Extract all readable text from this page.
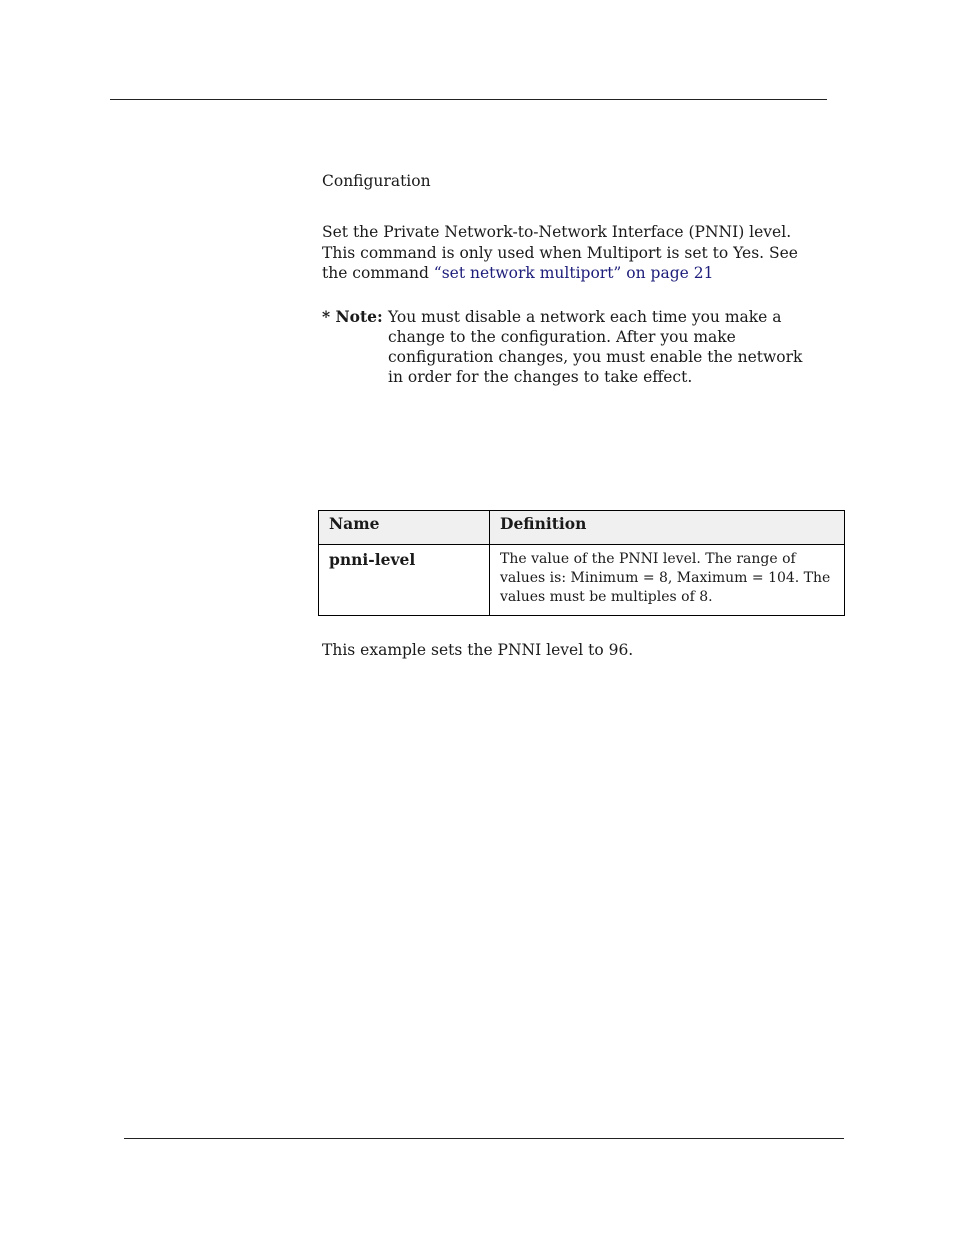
Configuration
Set the Private Network-to-Network Interface (PNNI) level. This command is only used when Multiport is set to Yes. See the command “set network multiport” on page 21
* Note: You must disable a network each time you make a change to the configuration. After you make configuration changes, you must enable the network in order for the changes to take effect.
Name	Definition
pnni-level	The value of the PNNI level. The range of values is: Minimum = 8, Maximum = 104. The values must be multiples of 8.
This example sets the PNNI level to 96.
